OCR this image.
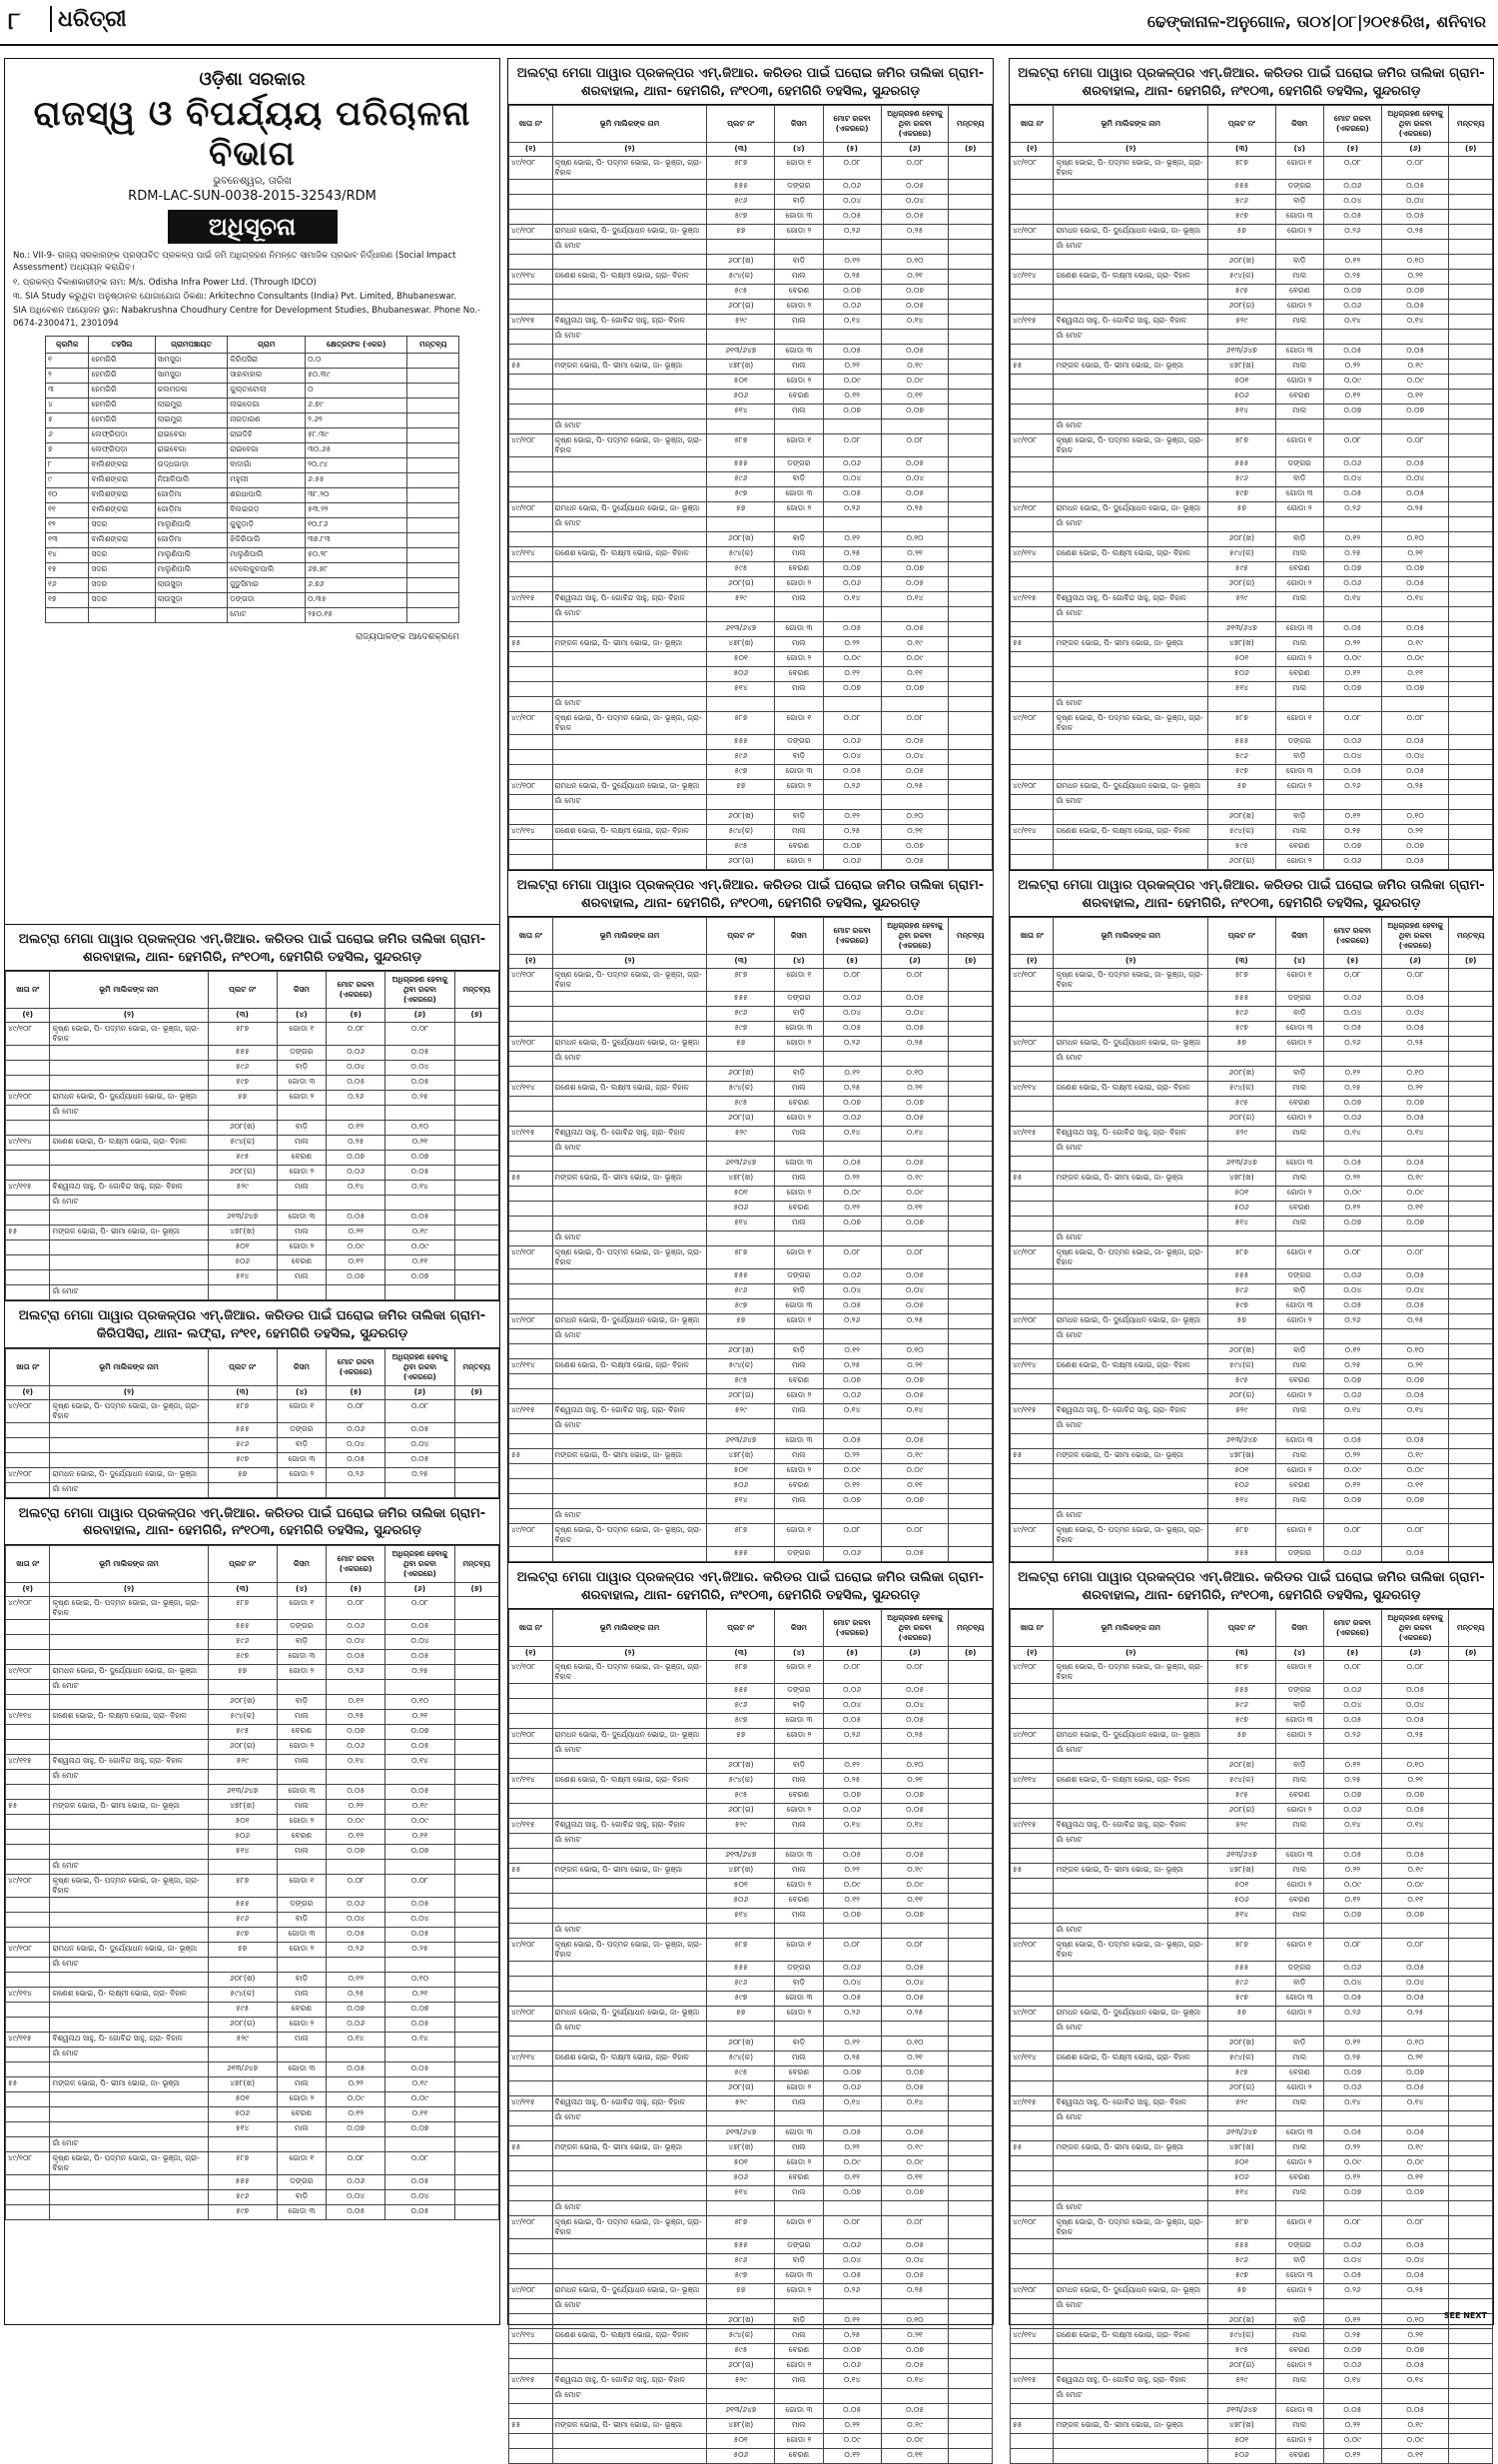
୮	ଧରିତ୍ରୀ	ଢେଙ୍କାନାଳ-ଅନୁଗୋଳ, ତା୦୪|୦୮|୨୦୧୫ରିଖ, ଶନିବାର
ଓଡ଼ିଶା ସରକାର
ରାଜସ୍ୱ ଓ ବିପର୍ଯ୍ୟୟ ପରିଚାଳନା ବିଭାଗ
ଭୁବନେଶ୍ୱର, ତାରିଖ
RDM-LAC-SUN-0038-2015-32543/RDM
ଅଧିସୂଚନା

No.: VII-9- ରାଜ୍ୟ ସରକାରଙ୍କ ପ୍ରସ୍ତାବିତ ପ୍ରକଳ୍ପ ପାଇଁ ଜମି ଅଧିଗ୍ରହଣ ନିମନ୍ତେ ସାମାଜିକ ପ୍ରଭାବ ନିର୍ଦ୍ଧାରଣ (Social Impact Assessment) ଅଧ୍ୟୟନ କରାଯିବ।

୧. ପ୍ରକଳ୍ପ ବିକାଶକାରୀଙ୍କ ନାମ: M/s. Odisha Infra Power Ltd. (Through IDCO)

୩. SIA Study କରୁଥିବା ଅନୁଷ୍ଠାନର ଯୋଗାଯୋଗ ଠିକଣା: Arkitechno Consultants (India) Pvt. Limited, Bhubaneswar.

SIA ଅଧିବେଶନ ଆୟୋଜନ ସ୍ଥାନ: Nabakrushna Choudhury Centre for Development Studies, Bhubaneswar. Phone No.- 0674-2300471, 2301094

କ୍ରମିକ	ତହସିଲ	ଗ୍ରାମପଞ୍ଚାୟତ	ଗ୍ରାମ	କ୍ଷେତ୍ରଫଳ (ଏକର)	ମନ୍ତବ୍ୟ
୧	ହେମଗିରି	ସାମସୁଦ୍ଦା	କିରିପସିରା	୦.୦	
୨	ହେମଗିରି	ସାମସୁଦ୍ଦା	ସାହାବାହାଲ	୫୦.୩୯	
୩	ହେମଗିରି	କଲମଡଳା	କୁଲ୍ଟାଟୋଲା	୦	
୪	ହେମଗିରି	ଲାଇମୁରା	ଲାଇଡେଗା	୬.୭୯	
୫	ହେମଗିରି	ଲାଇମୁରା	ନାଗଡ଼ାରଣ	୨.୬୨	
୬	ଲେଫ୍ରିପଡ଼ା	ରାଇବେଗା	ରାଇଡିହି	୫୮.୩୯	
୭	ଲେଫ୍ରିପଡ଼ା	ରାଇବେଗା	ରାଇବେଗା	୩୦.୬୫	
୮	ବାଲିଶଙ୍କରା	ଉଦ୍ଧଗାଡ଼ା	ବାଦାଗାଁ	୨୦.୯୪	
୯	ବାଲିଶଙ୍କରା	ନିଆଳିପାଲି	ମହୁଲୀ	୬.୫୫	
୧୦	ବାଲିଶଙ୍କରା	ଗୋଡ଼ିମା	ଶରଧାପାଲି	୩୮.୨୦	
୧୧	ବାଲିଶଙ୍କରା	ଗୋଡ଼ିମା	ବିଲଇଗଡ଼	୫୩.୨୨	
୧୨	ସଦର	ମାଲୁଣିପାଲି	କୁକୁଡାଡ଼ି	୧୦.୮୬	
୧୩	ବାଲିଶଙ୍କରା	ଗୋଡ଼ିମା	ଝିକିରିପାଲି	୩୭.୮୩	
୧୪	ସଦର	ମାଲୁଣିପାଲି	ମାଲୁଣିପାଲି	୫୦.୨୮	
୧୫	ସଦର	ମାଲୁଣିପାଲି	ଟେଲେକୁଳପାଲି	୬୭.୭୮	
୧୬	ସଦର	ଲାଉସୁଡ଼ା	ଜୁଡୁସିମାର	୬.୭୬	
୧୭	ସଦର	ଲାଉସୁଡ଼ା	ଡଙ୍ଗଡା	୦.୩୫	
			ମୋଟ	୨୫୦.୧୫	
ରାଜ୍ୟପାଳଙ୍କ ଆଦେଶକ୍ରମେ
ଅଲଟ୍ରା ମେଗା ପାୱାର ପ୍ରକଳ୍ପର ଏମ୍.ଜିଆର. କରିଡର ପାଇଁ ଘରୋଇ ଜମିର ତାଲିକା ଗ୍ରାମ- ଶରବାହାଲ, ଥାନା- ହେମଗିରି, ନଂ୧୦୩, ହେମଗିରି ତହସିଲ, ସୁନ୍ଦରଗଡ଼
ଖାତା ନଂ	ଭୂମି ମାଲିକଙ୍କ ନାମ	ପ୍ଲଟ ନଂ	କିସମ	ମୋଟ ରକବା (ଏକରରେ)	ଅଧିଗ୍ରହଣ ହେବାକୁ ଥିବା ରକବା (ଏକରରେ)	ମନ୍ତବ୍ୟ
(୧)	(୨)	(୩)	(୪)	(୫)	(୬)	(୭)
୪୯/୧୦୮	କୃଷ୍ଣ ଭୋଇ, ପି- ପଦ୍ମନ ଭୋଇ, ଜା- ଭୂଞ୍ଜା, ଗ୍ରା- ବିହାଳ	୫୮୭	ଗୋଡା ୧	୦.୦୮	୦.୦୮	
		୫୫୫	ଡଙ୍ଗର	୦.୦୬	୦.୦୫	
		୫୯୬	ବାଡ଼ି	୦.୦୪	୦.୦୪	
		୫୯୭	ଗୋଡା ୩	୦.୦୫	୦.୦୫	
୪୯/୧୦୮	ରାମଧନ ଭୋଇ, ପି- ଦୁର୍ଯ୍ୟୋଧନ ଭୋଇ, ଜା- ଭୂଞ୍ଜା	୫୭	ଗୋଡା ୨	୦.୨୬	୦.୨୫	
	ଗାଁ ମୋଟ					
		୬୦୮(ଖ)	ବାଡ଼ି	୦.୧୨	୦.୧୦	
୪୯/୧୧୪	ଗଣେଶ ଭୋଇ, ପି- ଲକ୍ଷ୍ମୀ ଭୋଇ, ଗ୍ରା- ବିହାଳ	୫୯୪(କ)	ମାଲ	୦.୨୫	୦.୨୧	
		୫୯୫	ବେରଣ	୦.୦୭	୦.୦୭	
		୬୦୮(ଗ)	ଗୋଡା ୨	୦.୦୬	୦.୦୫	
୪୯/୧୧୫	ବିଶ୍ୱନାଥ ସାହୁ, ପି- ଗୋବିନ୍ଦ ସାହୁ, ଗ୍ରା- ବିହାଳ	୫୨୯	ମାଲ	୦.୧୪	୦.୧୪	
	ଗାଁ ମୋଟ					
		୬୧୩/୬୪୭	ଗୋଡା ୩	୦.୦୫	୦.୦୫	
୫୫	ମଙ୍ଗଳ ଭୋଇ, ପି- ଭୀମା ଭୋଇ, ଜା- ଭୂଞ୍ଜା	୪୭୮(ଖ)	ମାଲ	୦.୨୨	୦.୧୯	
		୫୦୧	ଗୋଡା ୨	୦.୦୯	୦.୦୯	
		୫୦୬	ବେରଣ	୦.୧୨	୦.୧୧	
		୫୧୪	ମାଲ	୦.୦୭	୦.୦୭	
	ଗାଁ ମୋଟ					
ଅଲଟ୍ରା ମେଗା ପାୱାର ପ୍ରକଳ୍ପର ଏମ୍.ଜିଆର. କରିଡର ପାଇଁ ଘରୋଇ ଜମିର ତାଲିକା ଗ୍ରାମ- କିରିପସିରା, ଥାନା- ଲଫ୍ରା, ନଂ୧୧, ହେମଗିରି ତହସିଲ, ସୁନ୍ଦରଗଡ଼
ଖାତା ନଂ	ଭୂମି ମାଲିକଙ୍କ ନାମ	ପ୍ଲଟ ନଂ	କିସମ	ମୋଟ ରକବା (ଏକରରେ)	ଅଧିଗ୍ରହଣ ହେବାକୁ ଥିବା ରକବା (ଏକରରେ)	ମନ୍ତବ୍ୟ
(୧)	(୨)	(୩)	(୪)	(୫)	(୬)	(୭)
୪୯/୧୦୮	କୃଷ୍ଣ ଭୋଇ, ପି- ପଦ୍ମନ ଭୋଇ, ଜା- ଭୂଞ୍ଜା, ଗ୍ରା- ବିହାଳ	୫୮୭	ଗୋଡା ୧	୦.୦୮	୦.୦୮	
		୫୫୫	ଡଙ୍ଗର	୦.୦୬	୦.୦୫	
		୫୯୬	ବାଡ଼ି	୦.୦୪	୦.୦୪	
		୫୯୭	ଗୋଡା ୩	୦.୦୫	୦.୦୫	
୪୯/୧୦୮	ରାମଧନ ଭୋଇ, ପି- ଦୁର୍ଯ୍ୟୋଧନ ଭୋଇ, ଜା- ଭୂଞ୍ଜା	୫୭	ଗୋଡା ୨	୦.୨୬	୦.୨୫	
	ଗାଁ ମୋଟ					
ଅଲଟ୍ରା ମେଗା ପାୱାର ପ୍ରକଳ୍ପର ଏମ୍.ଜିଆର. କରିଡର ପାଇଁ ଘରୋଇ ଜମିର ତାଲିକା ଗ୍ରାମ- ଶରବାହାଲ, ଥାନା- ହେମଗିରି, ନଂ୧୦୩, ହେମଗିରି ତହସିଲ, ସୁନ୍ଦରଗଡ଼
ଖାତା ନଂ	ଭୂମି ମାଲିକଙ୍କ ନାମ	ପ୍ଲଟ ନଂ	କିସମ	ମୋଟ ରକବା (ଏକରରେ)	ଅଧିଗ୍ରହଣ ହେବାକୁ ଥିବା ରକବା (ଏକରରେ)	ମନ୍ତବ୍ୟ
(୧)	(୨)	(୩)	(୪)	(୫)	(୬)	(୭)
୪୯/୧୦୮	କୃଷ୍ଣ ଭୋଇ, ପି- ପଦ୍ମନ ଭୋଇ, ଜା- ଭୂଞ୍ଜା, ଗ୍ରା- ବିହାଳ	୫୮୭	ଗୋଡା ୧	୦.୦୮	୦.୦୮	
		୫୫୫	ଡଙ୍ଗର	୦.୦୬	୦.୦୫	
		୫୯୬	ବାଡ଼ି	୦.୦୪	୦.୦୪	
		୫୯୭	ଗୋଡା ୩	୦.୦୫	୦.୦୫	
୪୯/୧୦୮	ରାମଧନ ଭୋଇ, ପି- ଦୁର୍ଯ୍ୟୋଧନ ଭୋଇ, ଜା- ଭୂଞ୍ଜା	୫୭	ଗୋଡା ୨	୦.୨୬	୦.୨୫	
	ଗାଁ ମୋଟ					
		୬୦୮(ଖ)	ବାଡ଼ି	୦.୧୨	୦.୧୦	
୪୯/୧୧୪	ଗଣେଶ ଭୋଇ, ପି- ଲକ୍ଷ୍ମୀ ଭୋଇ, ଗ୍ରା- ବିହାଳ	୫୯୪(କ)	ମାଲ	୦.୨୫	୦.୨୧	
		୫୯୫	ବେରଣ	୦.୦୭	୦.୦୭	
		୬୦୮(ଗ)	ଗୋଡା ୨	୦.୦୬	୦.୦୫	
୪୯/୧୧୫	ବିଶ୍ୱନାଥ ସାହୁ, ପି- ଗୋବିନ୍ଦ ସାହୁ, ଗ୍ରା- ବିହାଳ	୫୨୯	ମାଲ	୦.୧୪	୦.୧୪	
	ଗାଁ ମୋଟ					
		୬୧୩/୬୪୭	ଗୋଡା ୩	୦.୦୫	୦.୦୫	
୫୫	ମଙ୍ଗଳ ଭୋଇ, ପି- ଭୀମା ଭୋଇ, ଜା- ଭୂଞ୍ଜା	୪୭୮(ଖ)	ମାଲ	୦.୨୨	୦.୧୯	
		୫୦୧	ଗୋଡା ୨	୦.୦୯	୦.୦୯	
		୫୦୬	ବେରଣ	୦.୧୨	୦.୧୧	
		୫୧୪	ମାଲ	୦.୦୭	୦.୦୭	
	ଗାଁ ମୋଟ					
୪୯/୧୦୮	କୃଷ୍ଣ ଭୋଇ, ପି- ପଦ୍ମନ ଭୋଇ, ଜା- ଭୂଞ୍ଜା, ଗ୍ରା- ବିହାଳ	୫୮୭	ଗୋଡା ୧	୦.୦୮	୦.୦୮	
		୫୫୫	ଡଙ୍ଗର	୦.୦୬	୦.୦୫	
		୫୯୬	ବାଡ଼ି	୦.୦୪	୦.୦୪	
		୫୯୭	ଗୋଡା ୩	୦.୦୫	୦.୦୫	
୪୯/୧୦୮	ରାମଧନ ଭୋଇ, ପି- ଦୁର୍ଯ୍ୟୋଧନ ଭୋଇ, ଜା- ଭୂଞ୍ଜା	୫୭	ଗୋଡା ୨	୦.୨୬	୦.୨୫	
	ଗାଁ ମୋଟ					
		୬୦୮(ଖ)	ବାଡ଼ି	୦.୧୨	୦.୧୦	
୪୯/୧୧୪	ଗଣେଶ ଭୋଇ, ପି- ଲକ୍ଷ୍ମୀ ଭୋଇ, ଗ୍ରା- ବିହାଳ	୫୯୪(କ)	ମାଲ	୦.୨୫	୦.୨୧	
		୫୯୫	ବେରଣ	୦.୦୭	୦.୦୭	
		୬୦୮(ଗ)	ଗୋଡା ୨	୦.୦୬	୦.୦୫	
୪୯/୧୧୫	ବିଶ୍ୱନାଥ ସାହୁ, ପି- ଗୋବିନ୍ଦ ସାହୁ, ଗ୍ରା- ବିହାଳ	୫୨୯	ମାଲ	୦.୧୪	୦.୧୪	
	ଗାଁ ମୋଟ					
		୬୧୩/୬୪୭	ଗୋଡା ୩	୦.୦୫	୦.୦୫	
୫୫	ମଙ୍ଗଳ ଭୋଇ, ପି- ଭୀମା ଭୋଇ, ଜା- ଭୂଞ୍ଜା	୪୭୮(ଖ)	ମାଲ	୦.୨୨	୦.୧୯	
		୫୦୧	ଗୋଡା ୨	୦.୦୯	୦.୦୯	
		୫୦୬	ବେରଣ	୦.୧୨	୦.୧୧	
		୫୧୪	ମାଲ	୦.୦୭	୦.୦୭	
	ଗାଁ ମୋଟ					
୪୯/୧୦୮	କୃଷ୍ଣ ଭୋଇ, ପି- ପଦ୍ମନ ଭୋଇ, ଜା- ଭୂଞ୍ଜା, ଗ୍ରା- ବିହାଳ	୫୮୭	ଗୋଡା ୧	୦.୦୮	୦.୦୮	
		୫୫୫	ଡଙ୍ଗର	୦.୦୬	୦.୦୫	
		୫୯୬	ବାଡ଼ି	୦.୦୪	୦.୦୪	
		୫୯୭	ଗୋଡା ୩	୦.୦୫	୦.୦୫	
ଅଲଟ୍ରା ମେଗା ପାୱାର ପ୍ରକଳ୍ପର ଏମ୍.ଜିଆର. କରିଡର ପାଇଁ ଘରୋଇ ଜମିର ତାଲିକା ଗ୍ରାମ- ଶରବାହାଲ, ଥାନା- ହେମଗିରି, ନଂ୧୦୩, ହେମଗିରି ତହସିଲ, ସୁନ୍ଦରଗଡ଼
ଖାତା ନଂ	ଭୂମି ମାଲିକଙ୍କ ନାମ	ପ୍ଲଟ ନଂ	କିସମ	ମୋଟ ରକବା (ଏକରରେ)	ଅଧିଗ୍ରହଣ ହେବାକୁ ଥିବା ରକବା (ଏକରରେ)	ମନ୍ତବ୍ୟ
(୧)	(୨)	(୩)	(୪)	(୫)	(୬)	(୭)
୪୯/୧୦୮	କୃଷ୍ଣ ଭୋଇ, ପି- ପଦ୍ମନ ଭୋଇ, ଜା- ଭୂଞ୍ଜା, ଗ୍ରା- ବିହାଳ	୫୮୭	ଗୋଡା ୧	୦.୦୮	୦.୦୮	
		୫୫୫	ଡଙ୍ଗର	୦.୦୬	୦.୦୫	
		୫୯୬	ବାଡ଼ି	୦.୦୪	୦.୦୪	
		୫୯୭	ଗୋଡା ୩	୦.୦୫	୦.୦୫	
୪୯/୧୦୮	ରାମଧନ ଭୋଇ, ପି- ଦୁର୍ଯ୍ୟୋଧନ ଭୋଇ, ଜା- ଭୂଞ୍ଜା	୫୭	ଗୋଡା ୨	୦.୨୬	୦.୨୫	
	ଗାଁ ମୋଟ					
		୬୦୮(ଖ)	ବାଡ଼ି	୦.୧୨	୦.୧୦	
୪୯/୧୧୪	ଗଣେଶ ଭୋଇ, ପି- ଲକ୍ଷ୍ମୀ ଭୋଇ, ଗ୍ରା- ବିହାଳ	୫୯୪(କ)	ମାଲ	୦.୨୫	୦.୨୧	
		୫୯୫	ବେରଣ	୦.୦୭	୦.୦୭	
		୬୦୮(ଗ)	ଗୋଡା ୨	୦.୦୬	୦.୦୫	
୪୯/୧୧୫	ବିଶ୍ୱନାଥ ସାହୁ, ପି- ଗୋବିନ୍ଦ ସାହୁ, ଗ୍ରା- ବିହାଳ	୫୨୯	ମାଲ	୦.୧୪	୦.୧୪	
	ଗାଁ ମୋଟ					
		୬୧୩/୬୪୭	ଗୋଡା ୩	୦.୦୫	୦.୦୫	
୫୫	ମଙ୍ଗଳ ଭୋଇ, ପି- ଭୀମା ଭୋଇ, ଜା- ଭୂଞ୍ଜା	୪୭୮(ଖ)	ମାଲ	୦.୨୨	୦.୧୯	
		୫୦୧	ଗୋଡା ୨	୦.୦୯	୦.୦୯	
		୫୦୬	ବେରଣ	୦.୧୨	୦.୧୧	
		୫୧୪	ମାଲ	୦.୦୭	୦.୦୭	
	ଗାଁ ମୋଟ					
୪୯/୧୦୮	କୃଷ୍ଣ ଭୋଇ, ପି- ପଦ୍ମନ ଭୋଇ, ଜା- ଭୂଞ୍ଜା, ଗ୍ରା- ବିହାଳ	୫୮୭	ଗୋଡା ୧	୦.୦୮	୦.୦୮	
		୫୫୫	ଡଙ୍ଗର	୦.୦୬	୦.୦୫	
		୫୯୬	ବାଡ଼ି	୦.୦୪	୦.୦୪	
		୫୯୭	ଗୋଡା ୩	୦.୦୫	୦.୦୫	
୪୯/୧୦୮	ରାମଧନ ଭୋଇ, ପି- ଦୁର୍ଯ୍ୟୋଧନ ଭୋଇ, ଜା- ଭୂଞ୍ଜା	୫୭	ଗୋଡା ୨	୦.୨୬	୦.୨୫	
	ଗାଁ ମୋଟ					
		୬୦୮(ଖ)	ବାଡ଼ି	୦.୧୨	୦.୧୦	
୪୯/୧୧୪	ଗଣେଶ ଭୋଇ, ପି- ଲକ୍ଷ୍ମୀ ଭୋଇ, ଗ୍ରା- ବିହାଳ	୫୯୪(କ)	ମାଲ	୦.୨୫	୦.୨୧	
		୫୯୫	ବେରଣ	୦.୦୭	୦.୦୭	
		୬୦୮(ଗ)	ଗୋଡା ୨	୦.୦୬	୦.୦୫	
୪୯/୧୧୫	ବିଶ୍ୱନାଥ ସାହୁ, ପି- ଗୋବିନ୍ଦ ସାହୁ, ଗ୍ରା- ବିହାଳ	୫୨୯	ମାଲ	୦.୧୪	୦.୧୪	
	ଗାଁ ମୋଟ					
		୬୧୩/୬୪୭	ଗୋଡା ୩	୦.୦୫	୦.୦୫	
୫୫	ମଙ୍ଗଳ ଭୋଇ, ପି- ଭୀମା ଭୋଇ, ଜା- ଭୂଞ୍ଜା	୪୭୮(ଖ)	ମାଲ	୦.୨୨	୦.୧୯	
		୫୦୧	ଗୋଡା ୨	୦.୦୯	୦.୦୯	
		୫୦୬	ବେରଣ	୦.୧୨	୦.୧୧	
		୫୧୪	ମାଲ	୦.୦୭	୦.୦୭	
	ଗାଁ ମୋଟ					
୪୯/୧୦୮	କୃଷ୍ଣ ଭୋଇ, ପି- ପଦ୍ମନ ଭୋଇ, ଜା- ଭୂଞ୍ଜା, ଗ୍ରା- ବିହାଳ	୫୮୭	ଗୋଡା ୧	୦.୦୮	୦.୦୮	
		୫୫୫	ଡଙ୍ଗର	୦.୦୬	୦.୦୫	
		୫୯୬	ବାଡ଼ି	୦.୦୪	୦.୦୪	
		୫୯୭	ଗୋଡା ୩	୦.୦୫	୦.୦୫	
୪୯/୧୦୮	ରାମଧନ ଭୋଇ, ପି- ଦୁର୍ଯ୍ୟୋଧନ ଭୋଇ, ଜା- ଭୂଞ୍ଜା	୫୭	ଗୋଡା ୨	୦.୨୬	୦.୨୫	
	ଗାଁ ମୋଟ					
		୬୦୮(ଖ)	ବାଡ଼ି	୦.୧୨	୦.୧୦	
୪୯/୧୧୪	ଗଣେଶ ଭୋଇ, ପି- ଲକ୍ଷ୍ମୀ ଭୋଇ, ଗ୍ରା- ବିହାଳ	୫୯୪(କ)	ମାଲ	୦.୨୫	୦.୨୧	
		୫୯୫	ବେରଣ	୦.୦୭	୦.୦୭	
		୬୦୮(ଗ)	ଗୋଡା ୨	୦.୦୬	୦.୦୫	
ଅଲଟ୍ରା ମେଗା ପାୱାର ପ୍ରକଳ୍ପର ଏମ୍.ଜିଆର. କରିଡର ପାଇଁ ଘରୋଇ ଜମିର ତାଲିକା ଗ୍ରାମ- ଶରବାହାଲ, ଥାନା- ହେମଗିରି, ନଂ୧୦୩, ହେମଗିରି ତହସିଲ, ସୁନ୍ଦରଗଡ଼
ଖାତା ନଂ	ଭୂମି ମାଲିକଙ୍କ ନାମ	ପ୍ଲଟ ନଂ	କିସମ	ମୋଟ ରକବା (ଏକରରେ)	ଅଧିଗ୍ରହଣ ହେବାକୁ ଥିବା ରକବା (ଏକରରେ)	ମନ୍ତବ୍ୟ
(୧)	(୨)	(୩)	(୪)	(୫)	(୬)	(୭)
୪୯/୧୦୮	କୃଷ୍ଣ ଭୋଇ, ପି- ପଦ୍ମନ ଭୋଇ, ଜା- ଭୂଞ୍ଜା, ଗ୍ରା- ବିହାଳ	୫୮୭	ଗୋଡା ୧	୦.୦୮	୦.୦୮	
		୫୫୫	ଡଙ୍ଗର	୦.୦୬	୦.୦୫	
		୫୯୬	ବାଡ଼ି	୦.୦୪	୦.୦୪	
		୫୯୭	ଗୋଡା ୩	୦.୦୫	୦.୦୫	
୪୯/୧୦୮	ରାମଧନ ଭୋଇ, ପି- ଦୁର୍ଯ୍ୟୋଧନ ଭୋଇ, ଜା- ଭୂଞ୍ଜା	୫୭	ଗୋଡା ୨	୦.୨୬	୦.୨୫	
	ଗାଁ ମୋଟ					
		୬୦୮(ଖ)	ବାଡ଼ି	୦.୧୨	୦.୧୦	
୪୯/୧୧୪	ଗଣେଶ ଭୋଇ, ପି- ଲକ୍ଷ୍ମୀ ଭୋଇ, ଗ୍ରା- ବିହାଳ	୫୯୪(କ)	ମାଲ	୦.୨୫	୦.୨୧	
		୫୯୫	ବେରଣ	୦.୦୭	୦.୦୭	
		୬୦୮(ଗ)	ଗୋଡା ୨	୦.୦୬	୦.୦୫	
୪୯/୧୧୫	ବିଶ୍ୱନାଥ ସାହୁ, ପି- ଗୋବିନ୍ଦ ସାହୁ, ଗ୍ରା- ବିହାଳ	୫୨୯	ମାଲ	୦.୧୪	୦.୧୪	
	ଗାଁ ମୋଟ					
		୬୧୩/୬୪୭	ଗୋଡା ୩	୦.୦୫	୦.୦୫	
୫୫	ମଙ୍ଗଳ ଭୋଇ, ପି- ଭୀମା ଭୋଇ, ଜା- ଭୂଞ୍ଜା	୪୭୮(ଖ)	ମାଲ	୦.୨୨	୦.୧୯	
		୫୦୧	ଗୋଡା ୨	୦.୦୯	୦.୦୯	
		୫୦୬	ବେରଣ	୦.୧୨	୦.୧୧	
		୫୧୪	ମାଲ	୦.୦୭	୦.୦୭	
	ଗାଁ ମୋଟ					
୪୯/୧୦୮	କୃଷ୍ଣ ଭୋଇ, ପି- ପଦ୍ମନ ଭୋଇ, ଜା- ଭୂଞ୍ଜା, ଗ୍ରା- ବିହାଳ	୫୮୭	ଗୋଡା ୧	୦.୦୮	୦.୦୮	
		୫୫୫	ଡଙ୍ଗର	୦.୦୬	୦.୦୫	
		୫୯୬	ବାଡ଼ି	୦.୦୪	୦.୦୪	
		୫୯୭	ଗୋଡା ୩	୦.୦୫	୦.୦୫	
୪୯/୧୦୮	ରାମଧନ ଭୋଇ, ପି- ଦୁର୍ଯ୍ୟୋଧନ ଭୋଇ, ଜା- ଭୂଞ୍ଜା	୫୭	ଗୋଡା ୨	୦.୨୬	୦.୨୫	
	ଗାଁ ମୋଟ					
		୬୦୮(ଖ)	ବାଡ଼ି	୦.୧୨	୦.୧୦	
୪୯/୧୧୪	ଗଣେଶ ଭୋଇ, ପି- ଲକ୍ଷ୍ମୀ ଭୋଇ, ଗ୍ରା- ବିହାଳ	୫୯୪(କ)	ମାଲ	୦.୨୫	୦.୨୧	
		୫୯୫	ବେରଣ	୦.୦୭	୦.୦୭	
		୬୦୮(ଗ)	ଗୋଡା ୨	୦.୦୬	୦.୦୫	
୪୯/୧୧୫	ବିଶ୍ୱନାଥ ସାହୁ, ପି- ଗୋବିନ୍ଦ ସାହୁ, ଗ୍ରା- ବିହାଳ	୫୨୯	ମାଲ	୦.୧୪	୦.୧୪	
	ଗାଁ ମୋଟ					
		୬୧୩/୬୪୭	ଗୋଡା ୩	୦.୦୫	୦.୦୫	
୫୫	ମଙ୍ଗଳ ଭୋଇ, ପି- ଭୀମା ଭୋଇ, ଜା- ଭୂଞ୍ଜା	୪୭୮(ଖ)	ମାଲ	୦.୨୨	୦.୧୯	
		୫୦୧	ଗୋଡା ୨	୦.୦୯	୦.୦୯	
		୫୦୬	ବେରଣ	୦.୧୨	୦.୧୧	
		୫୧୪	ମାଲ	୦.୦୭	୦.୦୭	
	ଗାଁ ମୋଟ					
୪୯/୧୦୮	କୃଷ୍ଣ ଭୋଇ, ପି- ପଦ୍ମନ ଭୋଇ, ଜା- ଭୂଞ୍ଜା, ଗ୍ରା- ବିହାଳ	୫୮୭	ଗୋଡା ୧	୦.୦୮	୦.୦୮	
		୫୫୫	ଡଙ୍ଗର	୦.୦୬	୦.୦୫	
ଅଲଟ୍ରା ମେଗା ପାୱାର ପ୍ରକଳ୍ପର ଏମ୍.ଜିଆର. କରିଡର ପାଇଁ ଘରୋଇ ଜମିର ତାଲିକା ଗ୍ରାମ- ଶରବାହାଲ, ଥାନା- ହେମଗିରି, ନଂ୧୦୩, ହେମଗିରି ତହସିଲ, ସୁନ୍ଦରଗଡ଼
ଖାତା ନଂ	ଭୂମି ମାଲିକଙ୍କ ନାମ	ପ୍ଲଟ ନଂ	କିସମ	ମୋଟ ରକବା (ଏକରରେ)	ଅଧିଗ୍ରହଣ ହେବାକୁ ଥିବା ରକବା (ଏକରରେ)	ମନ୍ତବ୍ୟ
(୧)	(୨)	(୩)	(୪)	(୫)	(୬)	(୭)
୪୯/୧୦୮	କୃଷ୍ଣ ଭୋଇ, ପି- ପଦ୍ମନ ଭୋଇ, ଜା- ଭୂଞ୍ଜା, ଗ୍ରା- ବିହାଳ	୫୮୭	ଗୋଡା ୧	୦.୦୮	୦.୦୮	
		୫୫୫	ଡଙ୍ଗର	୦.୦୬	୦.୦୫	
		୫୯୬	ବାଡ଼ି	୦.୦୪	୦.୦୪	
		୫୯୭	ଗୋଡା ୩	୦.୦୫	୦.୦୫	
୪୯/୧୦୮	ରାମଧନ ଭୋଇ, ପି- ଦୁର୍ଯ୍ୟୋଧନ ଭୋଇ, ଜା- ଭୂଞ୍ଜା	୫୭	ଗୋଡା ୨	୦.୨୬	୦.୨୫	
	ଗାଁ ମୋଟ					
		୬୦୮(ଖ)	ବାଡ଼ି	୦.୧୨	୦.୧୦	
୪୯/୧୧୪	ଗଣେଶ ଭୋଇ, ପି- ଲକ୍ଷ୍ମୀ ଭୋଇ, ଗ୍ରା- ବିହାଳ	୫୯୪(କ)	ମାଲ	୦.୨୫	୦.୨୧	
		୫୯୫	ବେରଣ	୦.୦୭	୦.୦୭	
		୬୦୮(ଗ)	ଗୋଡା ୨	୦.୦୬	୦.୦୫	
୪୯/୧୧୫	ବିଶ୍ୱନାଥ ସାହୁ, ପି- ଗୋବିନ୍ଦ ସାହୁ, ଗ୍ରା- ବିହାଳ	୫୨୯	ମାଲ	୦.୧୪	୦.୧୪	
	ଗାଁ ମୋଟ					
		୬୧୩/୬୪୭	ଗୋଡା ୩	୦.୦୫	୦.୦୫	
୫୫	ମଙ୍ଗଳ ଭୋଇ, ପି- ଭୀମା ଭୋଇ, ଜା- ଭୂଞ୍ଜା	୪୭୮(ଖ)	ମାଲ	୦.୨୨	୦.୧୯	
		୫୦୧	ଗୋଡା ୨	୦.୦୯	୦.୦୯	
		୫୦୬	ବେରଣ	୦.୧୨	୦.୧୧	
		୫୧୪	ମାଲ	୦.୦୭	୦.୦୭	
	ଗାଁ ମୋଟ					
୪୯/୧୦୮	କୃଷ୍ଣ ଭୋଇ, ପି- ପଦ୍ମନ ଭୋଇ, ଜା- ଭୂଞ୍ଜା, ଗ୍ରା- ବିହାଳ	୫୮୭	ଗୋଡା ୧	୦.୦୮	୦.୦୮	
		୫୫୫	ଡଙ୍ଗର	୦.୦୬	୦.୦୫	
		୫୯୬	ବାଡ଼ି	୦.୦୪	୦.୦୪	
		୫୯୭	ଗୋଡା ୩	୦.୦୫	୦.୦୫	
୪୯/୧୦୮	ରାମଧନ ଭୋଇ, ପି- ଦୁର୍ଯ୍ୟୋଧନ ଭୋଇ, ଜା- ଭୂଞ୍ଜା	୫୭	ଗୋଡା ୨	୦.୨୬	୦.୨୫	
	ଗାଁ ମୋଟ					
		୬୦୮(ଖ)	ବାଡ଼ି	୦.୧୨	୦.୧୦	
୪୯/୧୧୪	ଗଣେଶ ଭୋଇ, ପି- ଲକ୍ଷ୍ମୀ ଭୋଇ, ଗ୍ରା- ବିହାଳ	୫୯୪(କ)	ମାଲ	୦.୨୫	୦.୨୧	
		୫୯୫	ବେରଣ	୦.୦୭	୦.୦୭	
		୬୦୮(ଗ)	ଗୋଡା ୨	୦.୦୬	୦.୦୫	
୪୯/୧୧୫	ବିଶ୍ୱନାଥ ସାହୁ, ପି- ଗୋବିନ୍ଦ ସାହୁ, ଗ୍ରା- ବିହାଳ	୫୨୯	ମାଲ	୦.୧୪	୦.୧୪	
	ଗାଁ ମୋଟ					
		୬୧୩/୬୪୭	ଗୋଡା ୩	୦.୦୫	୦.୦୫	
୫୫	ମଙ୍ଗଳ ଭୋଇ, ପି- ଭୀମା ଭୋଇ, ଜା- ଭୂଞ୍ଜା	୪୭୮(ଖ)	ମାଲ	୦.୨୨	୦.୧୯	
		୫୦୧	ଗୋଡା ୨	୦.୦୯	୦.୦୯	
		୫୦୬	ବେରଣ	୦.୧୨	୦.୧୧	
		୫୧୪	ମାଲ	୦.୦୭	୦.୦୭	
	ଗାଁ ମୋଟ					
୪୯/୧୦୮	କୃଷ୍ଣ ଭୋଇ, ପି- ପଦ୍ମନ ଭୋଇ, ଜା- ଭୂଞ୍ଜା, ଗ୍ରା- ବିହାଳ	୫୮୭	ଗୋଡା ୧	୦.୦୮	୦.୦୮	
		୫୫୫	ଡଙ୍ଗର	୦.୦୬	୦.୦୫	
		୫୯୬	ବାଡ଼ି	୦.୦୪	୦.୦୪	
		୫୯୭	ଗୋଡା ୩	୦.୦୫	୦.୦୫	
୪୯/୧୦୮	ରାମଧନ ଭୋଇ, ପି- ଦୁର୍ଯ୍ୟୋଧନ ଭୋଇ, ଜା- ଭୂଞ୍ଜା	୫୭	ଗୋଡା ୨	୦.୨୬	୦.୨୫	
	ଗାଁ ମୋଟ					
		୬୦୮(ଖ)	ବାଡ଼ି	୦.୧୨	୦.୧୦	
୪୯/୧୧୪	ଗଣେଶ ଭୋଇ, ପି- ଲକ୍ଷ୍ମୀ ଭୋଇ, ଗ୍ରା- ବିହାଳ	୫୯୪(କ)	ମାଲ	୦.୨୫	୦.୨୧	
		୫୯୫	ବେରଣ	୦.୦୭	୦.୦୭	
		୬୦୮(ଗ)	ଗୋଡା ୨	୦.୦୬	୦.୦୫	
୪୯/୧୧୫	ବିଶ୍ୱନାଥ ସାହୁ, ପି- ଗୋବିନ୍ଦ ସାହୁ, ଗ୍ରା- ବିହାଳ	୫୨୯	ମାଲ	୦.୧୪	୦.୧୪	
	ଗାଁ ମୋଟ					
		୬୧୩/୬୪୭	ଗୋଡା ୩	୦.୦୫	୦.୦୫	
୫୫	ମଙ୍ଗଳ ଭୋଇ, ପି- ଭୀମା ଭୋଇ, ଜା- ଭୂଞ୍ଜା	୪୭୮(ଖ)	ମାଲ	୦.୨୨	୦.୧୯	
		୫୦୧	ଗୋଡା ୨	୦.୦୯	୦.୦୯	
		୫୦୬	ବେରଣ	୦.୧୨	୦.୧୧	
ଅଲଟ୍ରା ମେଗା ପାୱାର ପ୍ରକଳ୍ପର ଏମ୍.ଜିଆର. କରିଡର ପାଇଁ ଘରୋଇ ଜମିର ତାଲିକା ଗ୍ରାମ- ଶରବାହାଲ, ଥାନା- ହେମଗିରି, ନଂ୧୦୩, ହେମଗିରି ତହସିଲ, ସୁନ୍ଦରଗଡ଼
ଖାତା ନଂ	ଭୂମି ମାଲିକଙ୍କ ନାମ	ପ୍ଲଟ ନଂ	କିସମ	ମୋଟ ରକବା (ଏକରରେ)	ଅଧିଗ୍ରହଣ ହେବାକୁ ଥିବା ରକବା (ଏକରରେ)	ମନ୍ତବ୍ୟ
(୧)	(୨)	(୩)	(୪)	(୫)	(୬)	(୭)
୪୯/୧୦୮	କୃଷ୍ଣ ଭୋଇ, ପି- ପଦ୍ମନ ଭୋଇ, ଜା- ଭୂଞ୍ଜା, ଗ୍ରା- ବିହାଳ	୫୮୭	ଗୋଡା ୧	୦.୦୮	୦.୦୮	
		୫୫୫	ଡଙ୍ଗର	୦.୦୬	୦.୦୫	
		୫୯୬	ବାଡ଼ି	୦.୦୪	୦.୦୪	
		୫୯୭	ଗୋଡା ୩	୦.୦୫	୦.୦୫	
୪୯/୧୦୮	ରାମଧନ ଭୋଇ, ପି- ଦୁର୍ଯ୍ୟୋଧନ ଭୋଇ, ଜା- ଭୂଞ୍ଜା	୫୭	ଗୋଡା ୨	୦.୨୬	୦.୨୫	
	ଗାଁ ମୋଟ					
		୬୦୮(ଖ)	ବାଡ଼ି	୦.୧୨	୦.୧୦	
୪୯/୧୧୪	ଗଣେଶ ଭୋଇ, ପି- ଲକ୍ଷ୍ମୀ ଭୋଇ, ଗ୍ରା- ବିହାଳ	୫୯୪(କ)	ମାଲ	୦.୨୫	୦.୨୧	
		୫୯୫	ବେରଣ	୦.୦୭	୦.୦୭	
		୬୦୮(ଗ)	ଗୋଡା ୨	୦.୦୬	୦.୦୫	
୪୯/୧୧୫	ବିଶ୍ୱନାଥ ସାହୁ, ପି- ଗୋବିନ୍ଦ ସାହୁ, ଗ୍ରା- ବିହାଳ	୫୨୯	ମାଲ	୦.୧୪	୦.୧୪	
	ଗାଁ ମୋଟ					
		୬୧୩/୬୪୭	ଗୋଡା ୩	୦.୦୫	୦.୦୫	
୫୫	ମଙ୍ଗଳ ଭୋଇ, ପି- ଭୀମା ଭୋଇ, ଜା- ଭୂଞ୍ଜା	୪୭୮(ଖ)	ମାଲ	୦.୨୨	୦.୧୯	
		୫୦୧	ଗୋଡା ୨	୦.୦୯	୦.୦୯	
		୫୦୬	ବେରଣ	୦.୧୨	୦.୧୧	
		୫୧୪	ମାଲ	୦.୦୭	୦.୦୭	
	ଗାଁ ମୋଟ					
୪୯/୧୦୮	କୃଷ୍ଣ ଭୋଇ, ପି- ପଦ୍ମନ ଭୋଇ, ଜା- ଭୂଞ୍ଜା, ଗ୍ରା- ବିହାଳ	୫୮୭	ଗୋଡା ୧	୦.୦୮	୦.୦୮	
		୫୫୫	ଡଙ୍ଗର	୦.୦୬	୦.୦୫	
		୫୯୬	ବାଡ଼ି	୦.୦୪	୦.୦୪	
		୫୯୭	ଗୋଡା ୩	୦.୦୫	୦.୦୫	
୪୯/୧୦୮	ରାମଧନ ଭୋଇ, ପି- ଦୁର୍ଯ୍ୟୋଧନ ଭୋଇ, ଜା- ଭୂଞ୍ଜା	୫୭	ଗୋଡା ୨	୦.୨୬	୦.୨୫	
	ଗାଁ ମୋଟ					
		୬୦୮(ଖ)	ବାଡ଼ି	୦.୧୨	୦.୧୦	
୪୯/୧୧୪	ଗଣେଶ ଭୋଇ, ପି- ଲକ୍ଷ୍ମୀ ଭୋଇ, ଗ୍ରା- ବିହାଳ	୫୯୪(କ)	ମାଲ	୦.୨୫	୦.୨୧	
		୫୯୫	ବେରଣ	୦.୦୭	୦.୦୭	
		୬୦୮(ଗ)	ଗୋଡା ୨	୦.୦୬	୦.୦୫	
୪୯/୧୧୫	ବିଶ୍ୱନାଥ ସାହୁ, ପି- ଗୋବିନ୍ଦ ସାହୁ, ଗ୍ରା- ବିହାଳ	୫୨୯	ମାଲ	୦.୧୪	୦.୧୪	
	ଗାଁ ମୋଟ					
		୬୧୩/୬୪୭	ଗୋଡା ୩	୦.୦୫	୦.୦୫	
୫୫	ମଙ୍ଗଳ ଭୋଇ, ପି- ଭୀମା ଭୋଇ, ଜା- ଭୂଞ୍ଜା	୪୭୮(ଖ)	ମାଲ	୦.୨୨	୦.୧୯	
		୫୦୧	ଗୋଡା ୨	୦.୦୯	୦.୦୯	
		୫୦୬	ବେରଣ	୦.୧୨	୦.୧୧	
		୫୧୪	ମାଲ	୦.୦୭	୦.୦୭	
	ଗାଁ ମୋଟ					
୪୯/୧୦୮	କୃଷ୍ଣ ଭୋଇ, ପି- ପଦ୍ମନ ଭୋଇ, ଜା- ଭୂଞ୍ଜା, ଗ୍ରା- ବିହାଳ	୫୮୭	ଗୋଡା ୧	୦.୦୮	୦.୦୮	
		୫୫୫	ଡଙ୍ଗର	୦.୦୬	୦.୦୫	
		୫୯୬	ବାଡ଼ି	୦.୦୪	୦.୦୪	
		୫୯୭	ଗୋଡା ୩	୦.୦୫	୦.୦୫	
୪୯/୧୦୮	ରାମଧନ ଭୋଇ, ପି- ଦୁର୍ଯ୍ୟୋଧନ ଭୋଇ, ଜା- ଭୂଞ୍ଜା	୫୭	ଗୋଡା ୨	୦.୨୬	୦.୨୫	
	ଗାଁ ମୋଟ					
		୬୦୮(ଖ)	ବାଡ଼ି	୦.୧୨	୦.୧୦	
୪୯/୧୧୪	ଗଣେଶ ଭୋଇ, ପି- ଲକ୍ଷ୍ମୀ ଭୋଇ, ଗ୍ରା- ବିହାଳ	୫୯୪(କ)	ମାଲ	୦.୨୫	୦.୨୧	
		୫୯୫	ବେରଣ	୦.୦୭	୦.୦୭	
		୬୦୮(ଗ)	ଗୋଡା ୨	୦.୦୬	୦.୦୫	
ଅଲଟ୍ରା ମେଗା ପାୱାର ପ୍ରକଳ୍ପର ଏମ୍.ଜିଆର. କରିଡର ପାଇଁ ଘରୋଇ ଜମିର ତାଲିକା ଗ୍ରାମ- ଶରବାହାଲ, ଥାନା- ହେମଗିରି, ନଂ୧୦୩, ହେମଗିରି ତହସିଲ, ସୁନ୍ଦରଗଡ଼
ଖାତା ନଂ	ଭୂମି ମାଲିକଙ୍କ ନାମ	ପ୍ଲଟ ନଂ	କିସମ	ମୋଟ ରକବା (ଏକରରେ)	ଅଧିଗ୍ରହଣ ହେବାକୁ ଥିବା ରକବା (ଏକରରେ)	ମନ୍ତବ୍ୟ
(୧)	(୨)	(୩)	(୪)	(୫)	(୬)	(୭)
୪୯/୧୦୮	କୃଷ୍ଣ ଭୋଇ, ପି- ପଦ୍ମନ ଭୋଇ, ଜା- ଭୂଞ୍ଜା, ଗ୍ରା- ବିହାଳ	୫୮୭	ଗୋଡା ୧	୦.୦୮	୦.୦୮	
		୫୫୫	ଡଙ୍ଗର	୦.୦୬	୦.୦୫	
		୫୯୬	ବାଡ଼ି	୦.୦୪	୦.୦୪	
		୫୯୭	ଗୋଡା ୩	୦.୦୫	୦.୦୫	
୪୯/୧୦୮	ରାମଧନ ଭୋଇ, ପି- ଦୁର୍ଯ୍ୟୋଧନ ଭୋଇ, ଜା- ଭୂଞ୍ଜା	୫୭	ଗୋଡା ୨	୦.୨୬	୦.୨୫	
	ଗାଁ ମୋଟ					
		୬୦୮(ଖ)	ବାଡ଼ି	୦.୧୨	୦.୧୦	
୪୯/୧୧୪	ଗଣେଶ ଭୋଇ, ପି- ଲକ୍ଷ୍ମୀ ଭୋଇ, ଗ୍ରା- ବିହାଳ	୫୯୪(କ)	ମାଲ	୦.୨୫	୦.୨୧	
		୫୯୫	ବେରଣ	୦.୦୭	୦.୦୭	
		୬୦୮(ଗ)	ଗୋଡା ୨	୦.୦୬	୦.୦୫	
୪୯/୧୧୫	ବିଶ୍ୱନାଥ ସାହୁ, ପି- ଗୋବିନ୍ଦ ସାହୁ, ଗ୍ରା- ବିହାଳ	୫୨୯	ମାଲ	୦.୧୪	୦.୧୪	
	ଗାଁ ମୋଟ					
		୬୧୩/୬୪୭	ଗୋଡା ୩	୦.୦୫	୦.୦୫	
୫୫	ମଙ୍ଗଳ ଭୋଇ, ପି- ଭୀମା ଭୋଇ, ଜା- ଭୂଞ୍ଜା	୪୭୮(ଖ)	ମାଲ	୦.୨୨	୦.୧୯	
		୫୦୧	ଗୋଡା ୨	୦.୦୯	୦.୦୯	
		୫୦୬	ବେରଣ	୦.୧୨	୦.୧୧	
		୫୧୪	ମାଲ	୦.୦୭	୦.୦୭	
	ଗାଁ ମୋଟ					
୪୯/୧୦୮	କୃଷ୍ଣ ଭୋଇ, ପି- ପଦ୍ମନ ଭୋଇ, ଜା- ଭୂଞ୍ଜା, ଗ୍ରା- ବିହାଳ	୫୮୭	ଗୋଡା ୧	୦.୦୮	୦.୦୮	
		୫୫୫	ଡଙ୍ଗର	୦.୦୬	୦.୦୫	
		୫୯୬	ବାଡ଼ି	୦.୦୪	୦.୦୪	
		୫୯୭	ଗୋଡା ୩	୦.୦୫	୦.୦୫	
୪୯/୧୦୮	ରାମଧନ ଭୋଇ, ପି- ଦୁର୍ଯ୍ୟୋଧନ ଭୋଇ, ଜା- ଭୂଞ୍ଜା	୫୭	ଗୋଡା ୨	୦.୨୬	୦.୨୫	
	ଗାଁ ମୋଟ					
		୬୦୮(ଖ)	ବାଡ଼ି	୦.୧୨	୦.୧୦	
୪୯/୧୧୪	ଗଣେଶ ଭୋଇ, ପି- ଲକ୍ଷ୍ମୀ ଭୋଇ, ଗ୍ରା- ବିହାଳ	୫୯୪(କ)	ମାଲ	୦.୨୫	୦.୨୧	
		୫୯୫	ବେରଣ	୦.୦୭	୦.୦୭	
		୬୦୮(ଗ)	ଗୋଡା ୨	୦.୦୬	୦.୦୫	
୪୯/୧୧୫	ବିଶ୍ୱନାଥ ସାହୁ, ପି- ଗୋବିନ୍ଦ ସାହୁ, ଗ୍ରା- ବିହାଳ	୫୨୯	ମାଲ	୦.୧୪	୦.୧୪	
	ଗାଁ ମୋଟ					
		୬୧୩/୬୪୭	ଗୋଡା ୩	୦.୦୫	୦.୦୫	
୫୫	ମଙ୍ଗଳ ଭୋଇ, ପି- ଭୀମା ଭୋଇ, ଜା- ଭୂଞ୍ଜା	୪୭୮(ଖ)	ମାଲ	୦.୨୨	୦.୧୯	
		୫୦୧	ଗୋଡା ୨	୦.୦୯	୦.୦୯	
		୫୦୬	ବେରଣ	୦.୧୨	୦.୧୧	
		୫୧୪	ମାଲ	୦.୦୭	୦.୦୭	
	ଗାଁ ମୋଟ					
୪୯/୧୦୮	କୃଷ୍ଣ ଭୋଇ, ପି- ପଦ୍ମନ ଭୋଇ, ଜା- ଭୂଞ୍ଜା, ଗ୍ରା- ବିହାଳ	୫୮୭	ଗୋଡା ୧	୦.୦୮	୦.୦୮	
		୫୫୫	ଡଙ୍ଗର	୦.୦୬	୦.୦୫	
ଅଲଟ୍ରା ମେଗା ପାୱାର ପ୍ରକଳ୍ପର ଏମ୍.ଜିଆର. କରିଡର ପାଇଁ ଘରୋଇ ଜମିର ତାଲିକା ଗ୍ରାମ- ଶରବାହାଲ, ଥାନା- ହେମଗିରି, ନଂ୧୦୩, ହେମଗିରି ତହସିଲ, ସୁନ୍ଦରଗଡ଼
ଖାତା ନଂ	ଭୂମି ମାଲିକଙ୍କ ନାମ	ପ୍ଲଟ ନଂ	କିସମ	ମୋଟ ରକବା (ଏକରରେ)	ଅଧିଗ୍ରହଣ ହେବାକୁ ଥିବା ରକବା (ଏକରରେ)	ମନ୍ତବ୍ୟ
(୧)	(୨)	(୩)	(୪)	(୫)	(୬)	(୭)
୪୯/୧୦୮	କୃଷ୍ଣ ଭୋଇ, ପି- ପଦ୍ମନ ଭୋଇ, ଜା- ଭୂଞ୍ଜା, ଗ୍ରା- ବିହାଳ	୫୮୭	ଗୋଡା ୧	୦.୦୮	୦.୦୮	
		୫୫୫	ଡଙ୍ଗର	୦.୦୬	୦.୦୫	
		୫୯୬	ବାଡ଼ି	୦.୦୪	୦.୦୪	
		୫୯୭	ଗୋଡା ୩	୦.୦୫	୦.୦୫	
୪୯/୧୦୮	ରାମଧନ ଭୋଇ, ପି- ଦୁର୍ଯ୍ୟୋଧନ ଭୋଇ, ଜା- ଭୂଞ୍ଜା	୫୭	ଗୋଡା ୨	୦.୨୬	୦.୨୫	
	ଗାଁ ମୋଟ					
		୬୦୮(ଖ)	ବାଡ଼ି	୦.୧୨	୦.୧୦	
୪୯/୧୧୪	ଗଣେଶ ଭୋଇ, ପି- ଲକ୍ଷ୍ମୀ ଭୋଇ, ଗ୍ରା- ବିହାଳ	୫୯୪(କ)	ମାଲ	୦.୨୫	୦.୨୧	
		୫୯୫	ବେରଣ	୦.୦୭	୦.୦୭	
		୬୦୮(ଗ)	ଗୋଡା ୨	୦.୦୬	୦.୦୫	
୪୯/୧୧୫	ବିଶ୍ୱନାଥ ସାହୁ, ପି- ଗୋବିନ୍ଦ ସାହୁ, ଗ୍ରା- ବିହାଳ	୫୨୯	ମାଲ	୦.୧୪	୦.୧୪	
	ଗାଁ ମୋଟ					
		୬୧୩/୬୪୭	ଗୋଡା ୩	୦.୦୫	୦.୦୫	
୫୫	ମଙ୍ଗଳ ଭୋଇ, ପି- ଭୀମା ଭୋଇ, ଜା- ଭୂଞ୍ଜା	୪୭୮(ଖ)	ମାଲ	୦.୨୨	୦.୧୯	
		୫୦୧	ଗୋଡା ୨	୦.୦୯	୦.୦୯	
		୫୦୬	ବେରଣ	୦.୧୨	୦.୧୧	
		୫୧୪	ମାଲ	୦.୦୭	୦.୦୭	
	ଗାଁ ମୋଟ					
୪୯/୧୦୮	କୃଷ୍ଣ ଭୋଇ, ପି- ପଦ୍ମନ ଭୋଇ, ଜା- ଭୂଞ୍ଜା, ଗ୍ରା- ବିହାଳ	୫୮୭	ଗୋଡା ୧	୦.୦୮	୦.୦୮	
		୫୫୫	ଡଙ୍ଗର	୦.୦୬	୦.୦୫	
		୫୯୬	ବାଡ଼ି	୦.୦୪	୦.୦୪	
		୫୯୭	ଗୋଡା ୩	୦.୦୫	୦.୦୫	
୪୯/୧୦୮	ରାମଧନ ଭୋଇ, ପି- ଦୁର୍ଯ୍ୟୋଧନ ଭୋଇ, ଜା- ଭୂଞ୍ଜା	୫୭	ଗୋଡା ୨	୦.୨୬	୦.୨୫	
	ଗାଁ ମୋଟ					
		୬୦୮(ଖ)	ବାଡ଼ି	୦.୧୨	୦.୧୦	
୪୯/୧୧୪	ଗଣେଶ ଭୋଇ, ପି- ଲକ୍ଷ୍ମୀ ଭୋଇ, ଗ୍ରା- ବିହାଳ	୫୯୪(କ)	ମାଲ	୦.୨୫	୦.୨୧	
		୫୯୫	ବେରଣ	୦.୦୭	୦.୦୭	
		୬୦୮(ଗ)	ଗୋଡା ୨	୦.୦୬	୦.୦୫	
୪୯/୧୧୫	ବିଶ୍ୱନାଥ ସାହୁ, ପି- ଗୋବିନ୍ଦ ସାହୁ, ଗ୍ରା- ବିହାଳ	୫୨୯	ମାଲ	୦.୧୪	୦.୧୪	
	ଗାଁ ମୋଟ					
		୬୧୩/୬୪୭	ଗୋଡା ୩	୦.୦୫	୦.୦୫	
୫୫	ମଙ୍ଗଳ ଭୋଇ, ପି- ଭୀମା ଭୋଇ, ଜା- ଭୂଞ୍ଜା	୪୭୮(ଖ)	ମାଲ	୦.୨୨	୦.୧୯	
		୫୦୧	ଗୋଡା ୨	୦.୦୯	୦.୦୯	
		୫୦୬	ବେରଣ	୦.୧୨	୦.୧୧	
		୫୧୪	ମାଲ	୦.୦୭	୦.୦୭	
	ଗାଁ ମୋଟ					
୪୯/୧୦୮	କୃଷ୍ଣ ଭୋଇ, ପି- ପଦ୍ମନ ଭୋଇ, ଜା- ଭୂଞ୍ଜା, ଗ୍ରା- ବିହାଳ	୫୮୭	ଗୋଡା ୧	୦.୦୮	୦.୦୮	
		୫୫୫	ଡଙ୍ଗର	୦.୦୬	୦.୦୫	
		୫୯୬	ବାଡ଼ି	୦.୦୪	୦.୦୪	
		୫୯୭	ଗୋଡା ୩	୦.୦୫	୦.୦୫	
୪୯/୧୦୮	ରାମଧନ ଭୋଇ, ପି- ଦୁର୍ଯ୍ୟୋଧନ ଭୋଇ, ଜା- ଭୂଞ୍ଜା	୫୭	ଗୋଡା ୨	୦.୨୬	୦.୨୫	
	ଗାଁ ମୋଟ					
		୬୦୮(ଖ)	ବାଡ଼ି	୦.୧୨	୦.୧୦	
୪୯/୧୧୪	ଗଣେଶ ଭୋଇ, ପି- ଲକ୍ଷ୍ମୀ ଭୋଇ, ଗ୍ରା- ବିହାଳ	୫୯୪(କ)	ମାଲ	୦.୨୫	୦.୨୧	
		୫୯୫	ବେରଣ	୦.୦୭	୦.୦୭	
		୬୦୮(ଗ)	ଗୋଡା ୨	୦.୦୬	୦.୦୫	
୪୯/୧୧୫	ବିଶ୍ୱନାଥ ସାହୁ, ପି- ଗୋବିନ୍ଦ ସାହୁ, ଗ୍ରା- ବିହାଳ	୫୨୯	ମାଲ	୦.୧୪	୦.୧୪	
	ଗାଁ ମୋଟ					
		୬୧୩/୬୪୭	ଗୋଡା ୩	୦.୦୫	୦.୦୫	
୫୫	ମଙ୍ଗଳ ଭୋଇ, ପି- ଭୀମା ଭୋଇ, ଜା- ଭୂଞ୍ଜା	୪୭୮(ଖ)	ମାଲ	୦.୨୨	୦.୧୯	
		୫୦୧	ଗୋଡା ୨	୦.୦୯	୦.୦୯	
		୫୦୬	ବେରଣ	୦.୧୨	୦.୧୧	
SEE NEXT
